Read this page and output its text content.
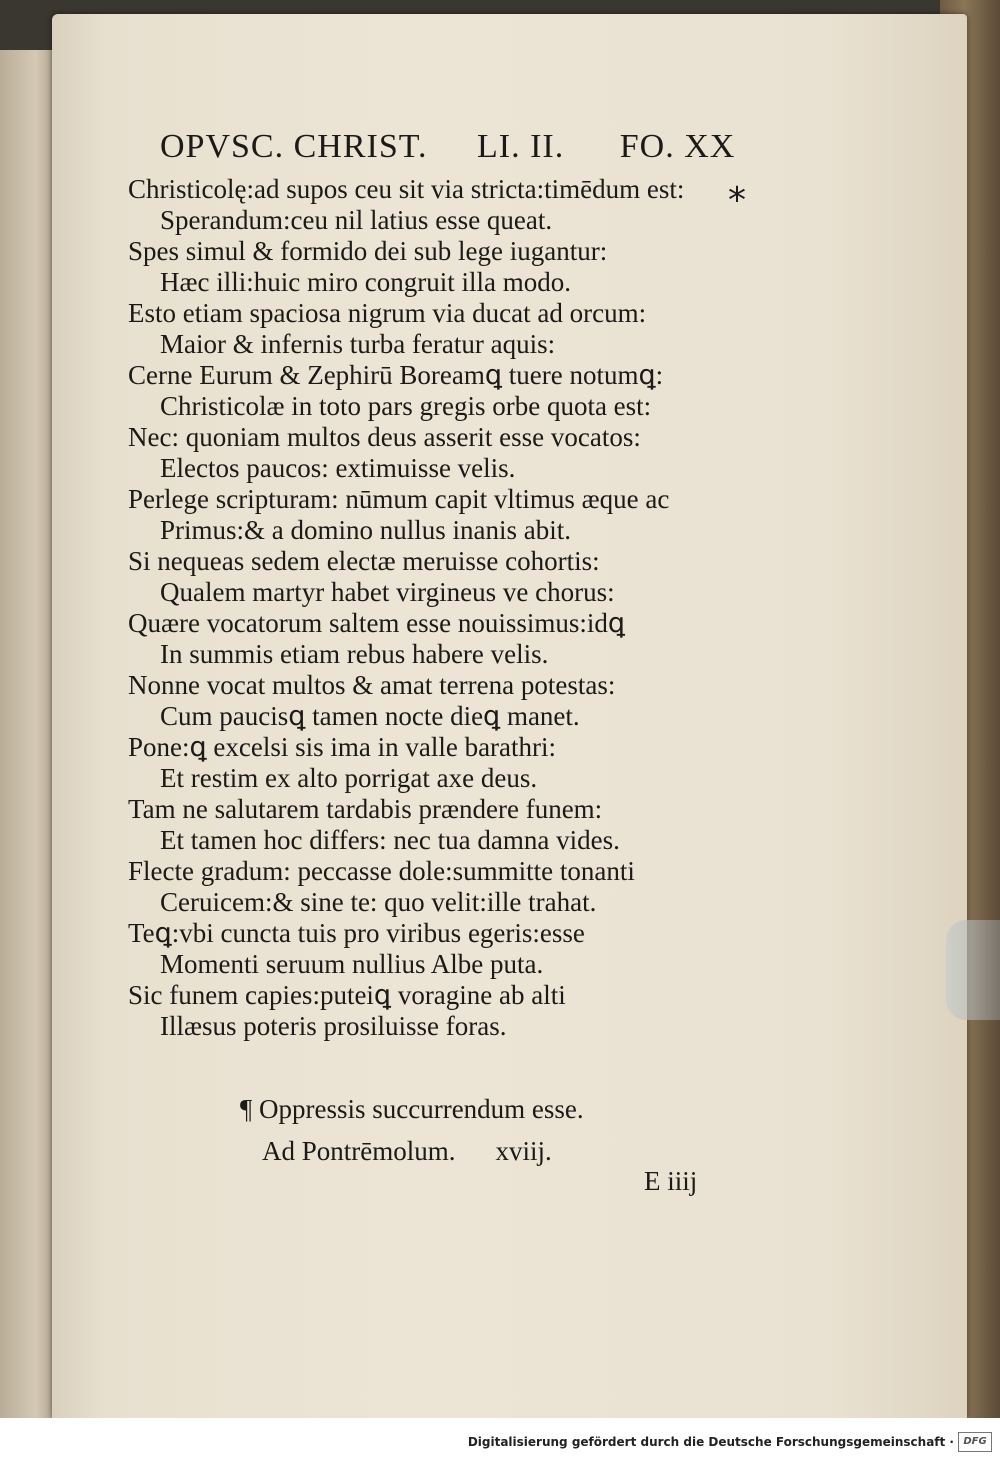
OPVSC. CHRIST. LI. II. FO. XX
*
Christicolę:ad supos ceu sit via stricta:timēdum est:
Sperandum:ceu nil latius esse queat.
Spes simul & formido dei sub lege iugantur:
Hæc illi:huic miro congruit illa modo.
Esto etiam spaciosa nigrum via ducat ad orcum:
Maior & infernis turba feratur aquis:
Cerne Eurum & Zephirū Boreamꝗ tuere notumꝗ:
Christicolæ in toto pars gregis orbe quota est:
Nec: quoniam multos deus asserit esse vocatos:
Electos paucos: extimuisse velis.
Perlege scripturam: nūmum capit vltimus æque ac
Primus:& a domino nullus inanis abit.
Si nequeas sedem electæ meruisse cohortis:
Qualem martyr habet virgineus ve chorus:
Quære vocatorum saltem esse nouissimus:idꝗ
In summis etiam rebus habere velis.
Nonne vocat multos & amat terrena potestas:
Cum paucisꝗ tamen nocte dieꝗ manet.
Pone:ꝗ excelsi sis ima in valle barathri:
Et restim ex alto porrigat axe deus.
Tam ne salutarem tardabis prændere funem:
Et tamen hoc differs: nec tua damna vides.
Flecte gradum: peccasse dole:summitte tonanti
Ceruicem:& sine te: quo velit:ille trahat.
Teꝗ:vbi cuncta tuis pro viribus egeris:esse
Momenti seruum nullius Albe puta.
Sic funem capies:puteiꝗ voragine ab alti
Illæsus poteris prosiluisse foras.
¶ Oppressis succurrendum esse.
Ad Pontrēmolum. xviij.
E iiij
Digitalisierung gefördert durch die Deutsche Forschungsgemeinschaft · DFG
